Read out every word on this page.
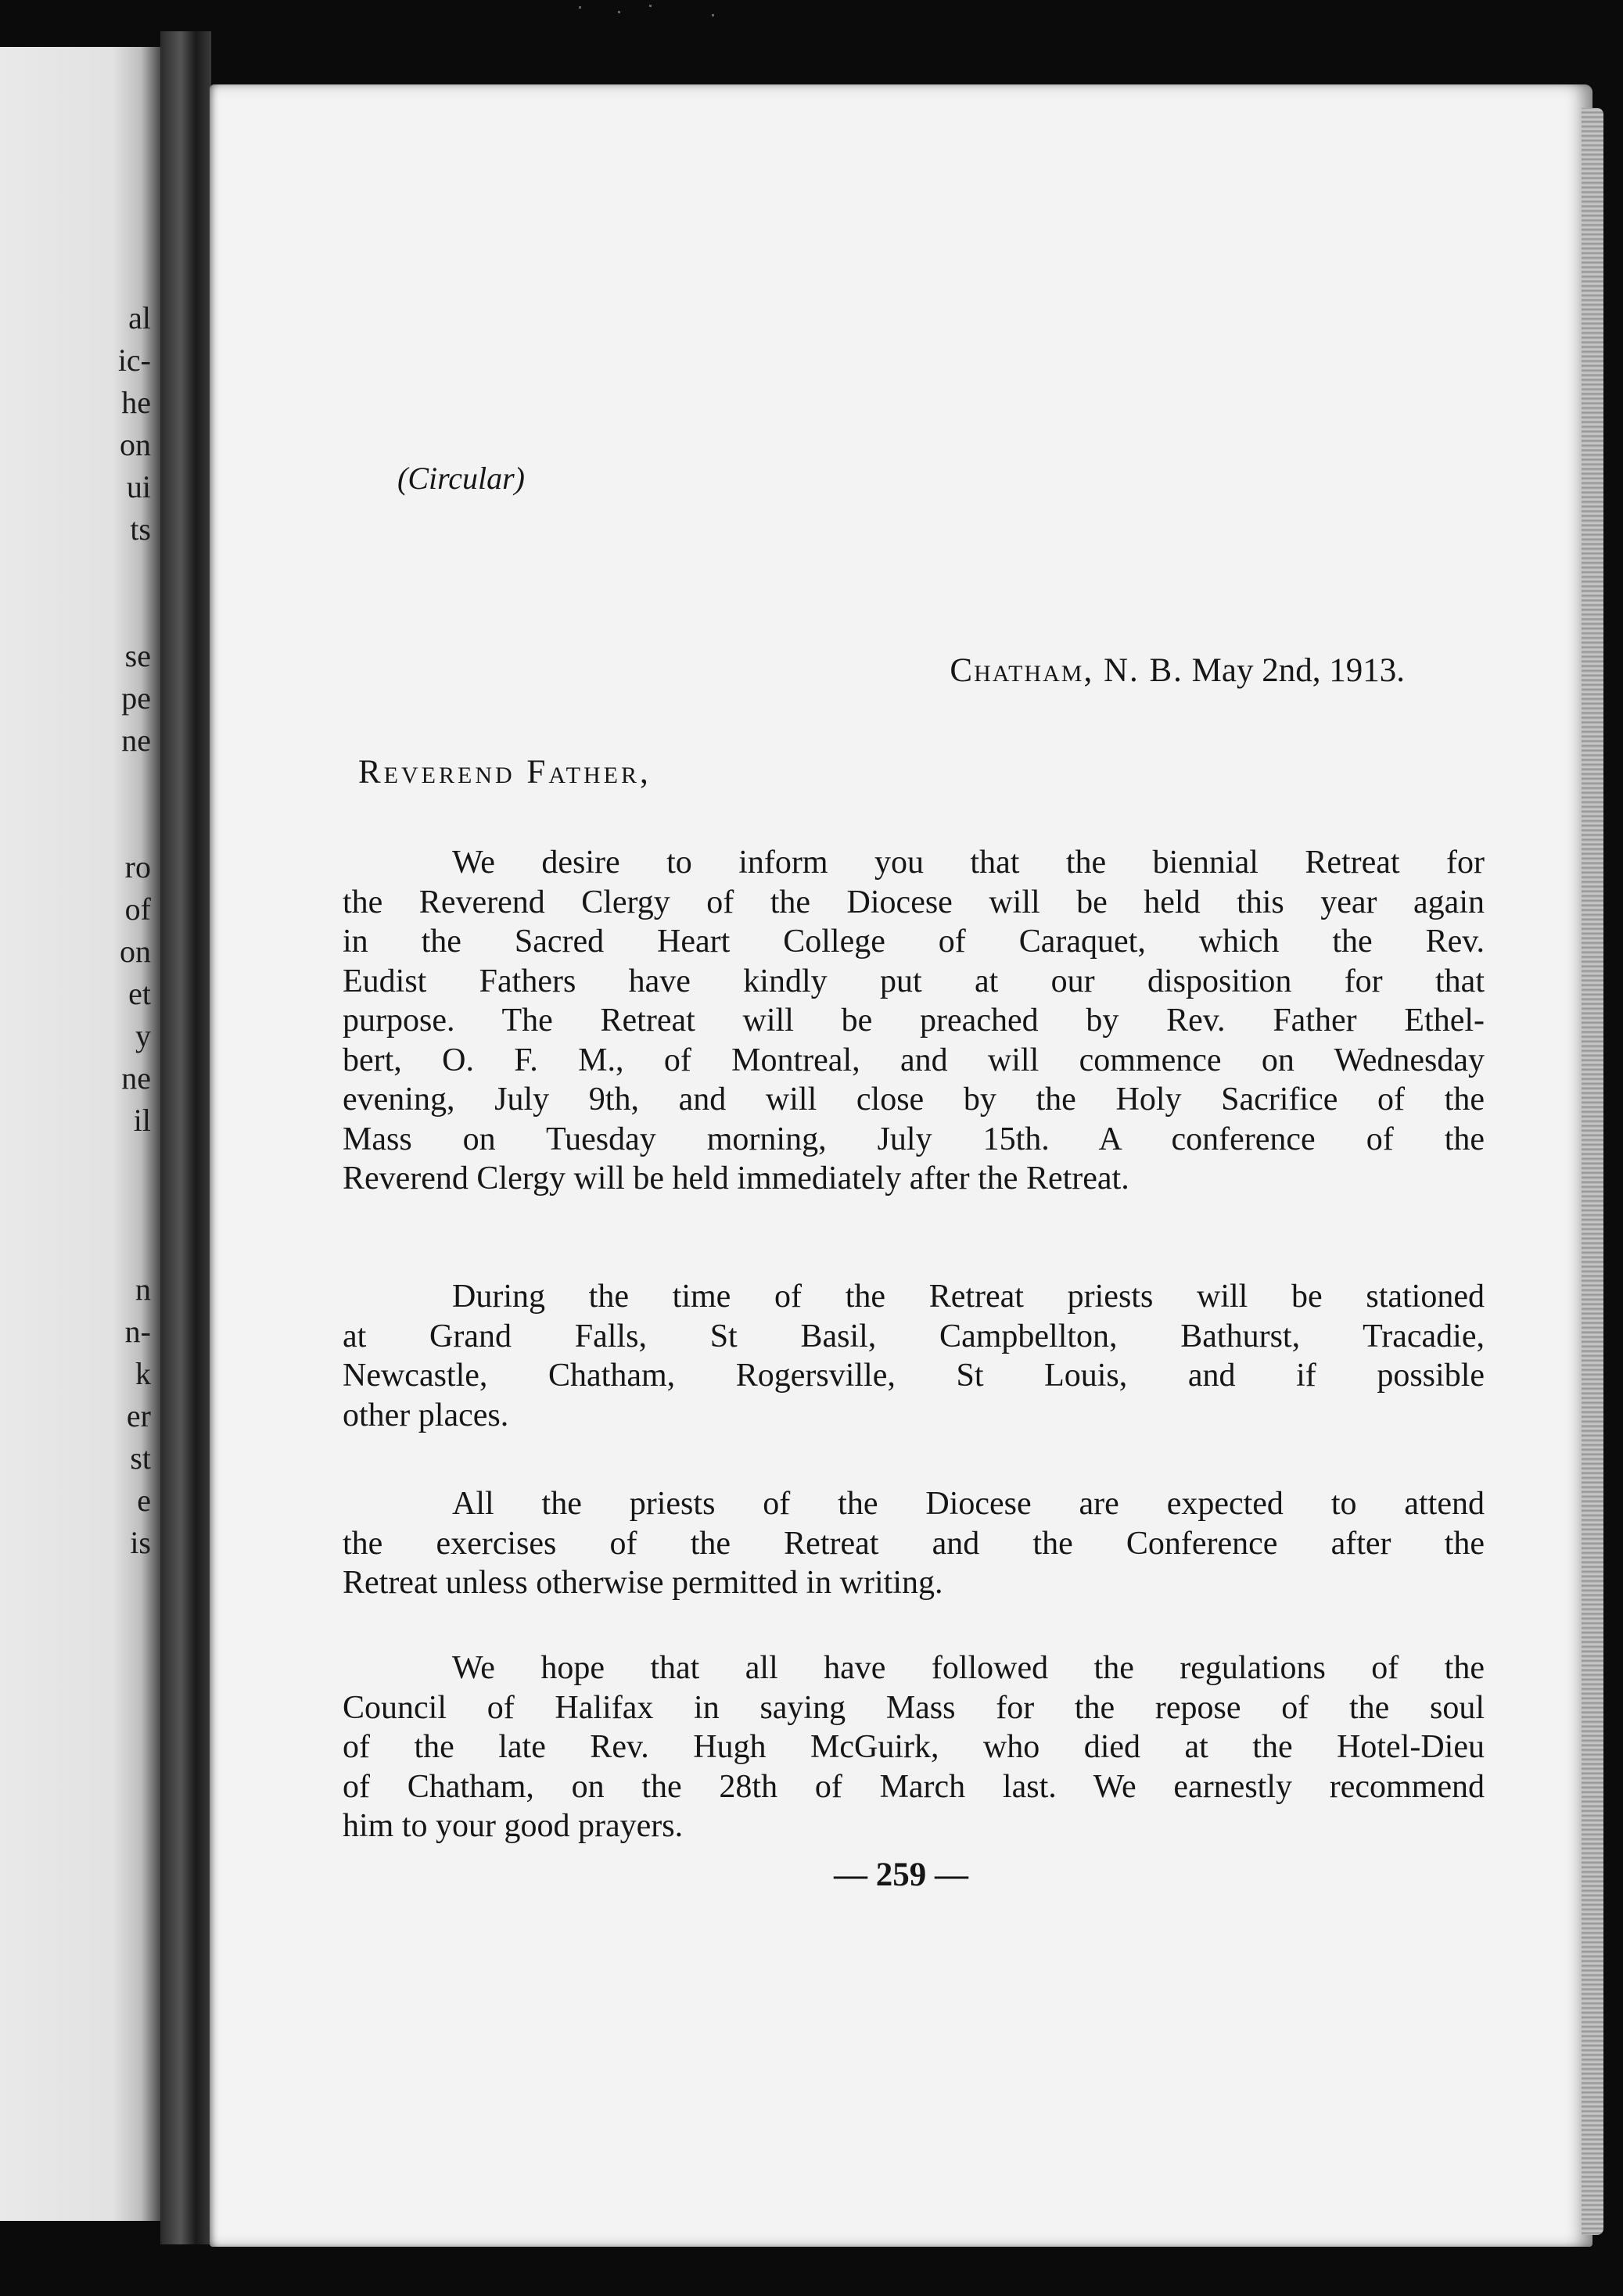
al
ic-
he
on
ui
ts
se
pe
ne
ro
of
on
et
y
ne
il
n
n-
k
er
st
e
is

(Circular)

Chatham, N. B. May 2nd, 1913.

Reverend Father,

We desire to inform you that the biennial Retreat for
the Reverend Clergy of the Diocese will be held this year again
in the Sacred Heart College of Caraquet, which the Rev.
Eudist Fathers have kindly put at our disposition for that
purpose. The Retreat will be preached by Rev. Father Ethel-
bert, O. F. M., of Montreal, and will commence on Wednesday
evening, July 9th, and will close by the Holy Sacrifice of the
Mass on Tuesday morning, July 15th. A conference of the
Reverend Clergy will be held immediately after the Retreat.
During the time of the Retreat priests will be stationed
at Grand Falls, St Basil, Campbellton, Bathurst, Tracadie,
Newcastle, Chatham, Rogersville, St Louis, and if possible
other places.
All the priests of the Diocese are expected to attend
the exercises of the Retreat and the Conference after the
Retreat unless otherwise permitted in writing.
We hope that all have followed the regulations of the
Council of Halifax in saying Mass for the repose of the soul
of the late Rev. Hugh McGuirk, who died at the Hotel-Dieu
of Chatham, on the 28th of March last. We earnestly recommend
him to your good prayers.

— 259 —
